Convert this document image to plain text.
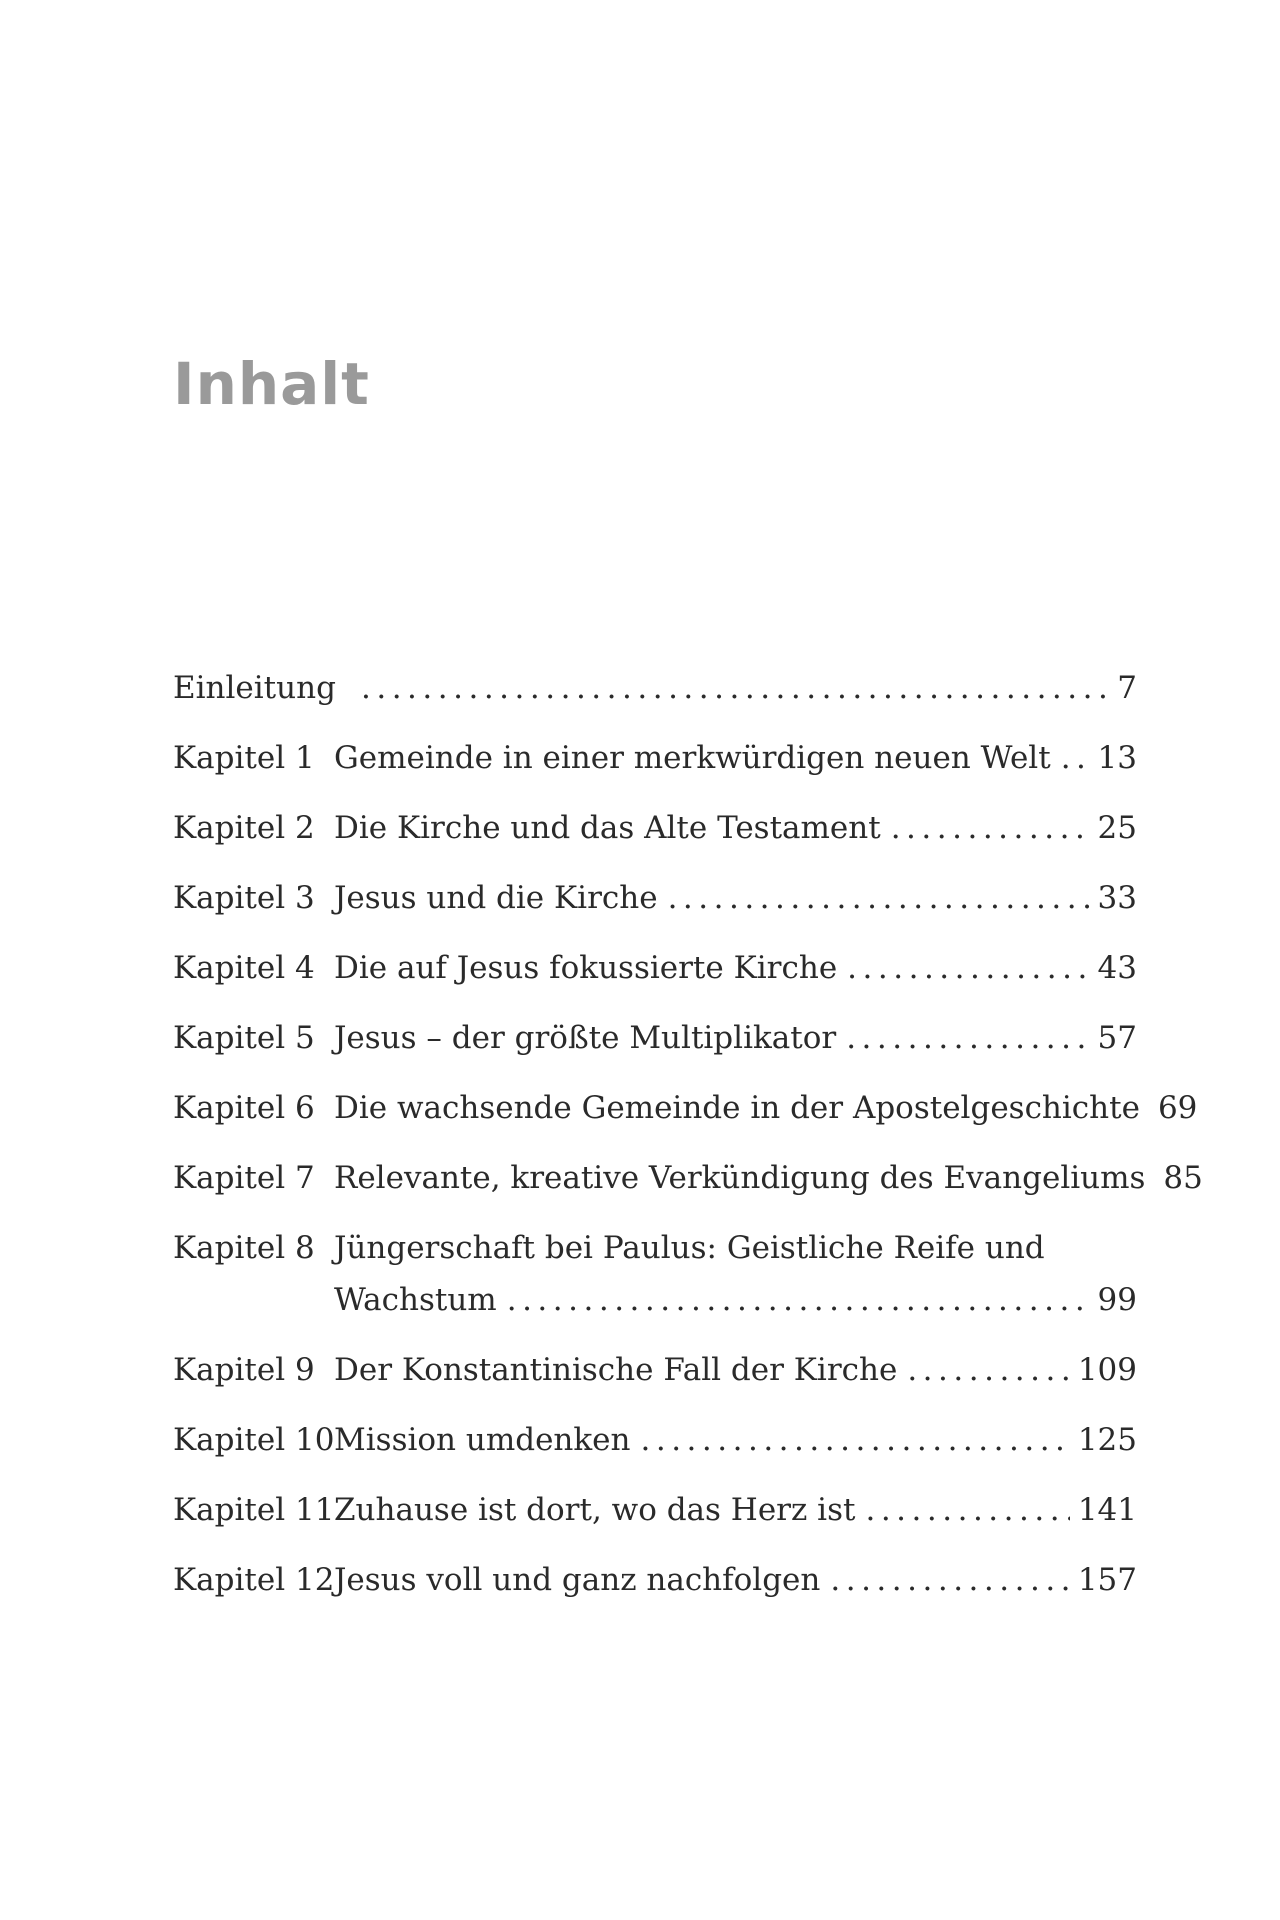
Inhalt
Einleitung .....	7
Kapitel 1 Gemeinde in einer merkwürdigen neuen Welt ..... 13
Kapitel 2 Die Kirche und das Alte Testament .....	25
Kapitel 3 Jesus und die Kirche .....	33
Kapitel 4 Die auf Jesus fokussierte Kirche .....	43
Kapitel 5 Jesus – der größte Multiplikator .....	57
Kapitel 6 Die wachsende Gemeinde in der Apostelgeschichte 69
Kapitel 7 Relevante, kreative Verkündigung des Evangeliums 85
Kapitel 8 Jüngerschaft bei Paulus: Geistliche Reife und
Wachstum .....	99
Kapitel 9 Der Konstantinische Fall der Kirche .....	109
Kapitel 10 Mission umdenken .....	125
Kapitel 11 Zuhause ist dort, wo das Herz ist .....	141
Kapitel 12 Jesus voll und ganz nachfolgen .....	157
